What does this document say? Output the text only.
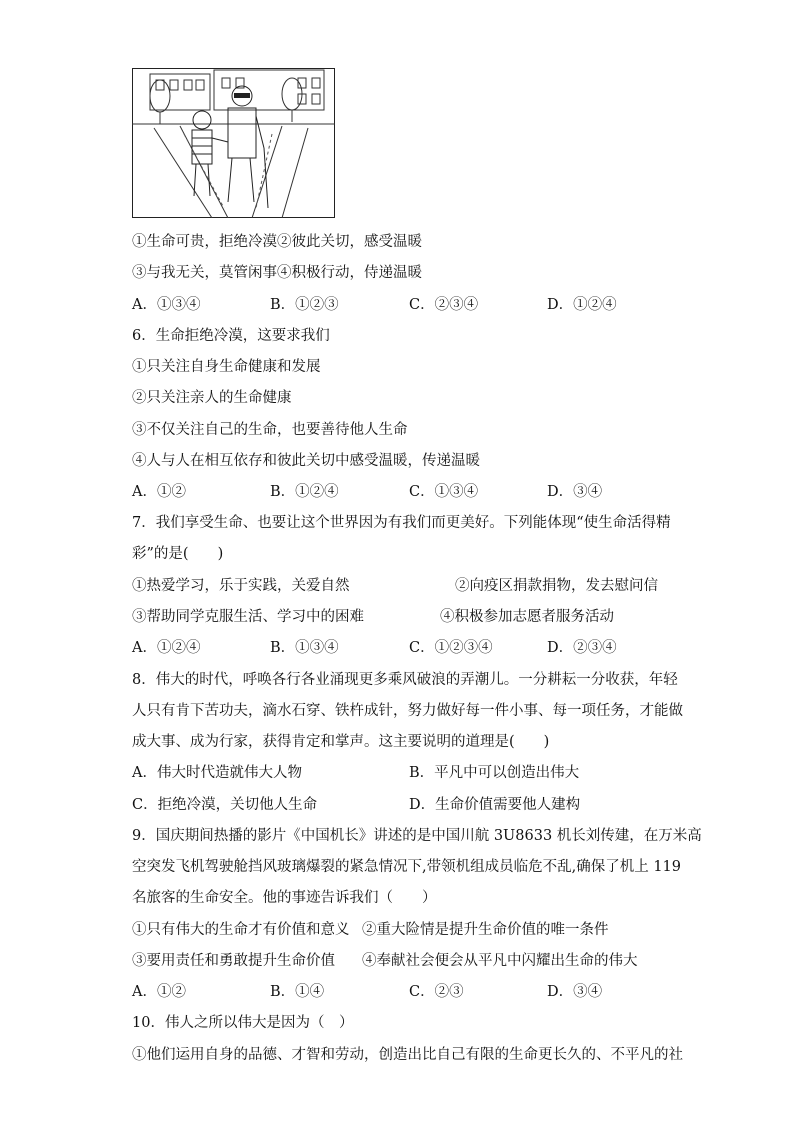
①生命可贵，拒绝冷漠②彼此关切，感受温暖
③与我无关，莫管闲事④积极行动，侍递温暖
A．①③④	B．①②③	C．②③④	D．①②④
6．生命拒绝冷漠，这要求我们
①只关注自身生命健康和发展
②只关注亲人的生命健康
③不仅关注自己的生命，也要善待他人生命
④人与人在相互依存和彼此关切中感受温暖，传递温暖
A．①②	B．①②④	C．①③④	D．③④
7．我们享受生命、也要让这个世界因为有我们而更美好。下列能体现“使生命活得精
彩”的是(　　)
①热爱学习，乐于实践，关爱自然	②向疫区捐款捐物，发去慰问信
③帮助同学克服生活、学习中的困难	④积极参加志愿者服务活动
A．①②④	B．①③④	C．①②③④	D．②③④
8．伟大的时代，呼唤各行各业涌现更多乘风破浪的弄潮儿。一分耕耘一分收获，年轻
人只有肯下苦功夫，滴水石穿、铁杵成针，努力做好每一件小事、每一项任务，才能做
成大事、成为行家，获得肯定和掌声。这主要说明的道理是(　　)
A．伟大时代造就伟大人物	B．平凡中可以创造出伟大
C．拒绝冷漠，关切他人生命	D．生命价值需要他人建构
9．国庆期间热播的影片《中国机长》讲述的是中国川航 3U8633 机长刘传建，在万米高
空突发飞机驾驶舱挡风玻璃爆裂的紧急情况下,带领机组成员临危不乱,确保了机上 119
名旅客的生命安全。他的事迹告诉我们（　　）
①只有伟大的生命才有价值和意义 ②重大险情是提升生命价值的唯一条件
③要用责任和勇敢提升生命价值 ④奉献社会便会从平凡中闪耀出生命的伟大
A．①②	B．①④	C．②③	D．③④
10．伟人之所以伟大是因为（　）
①他们运用自身的品德、才智和劳动，创造出比自己有限的生命更长久的、不平凡的社
